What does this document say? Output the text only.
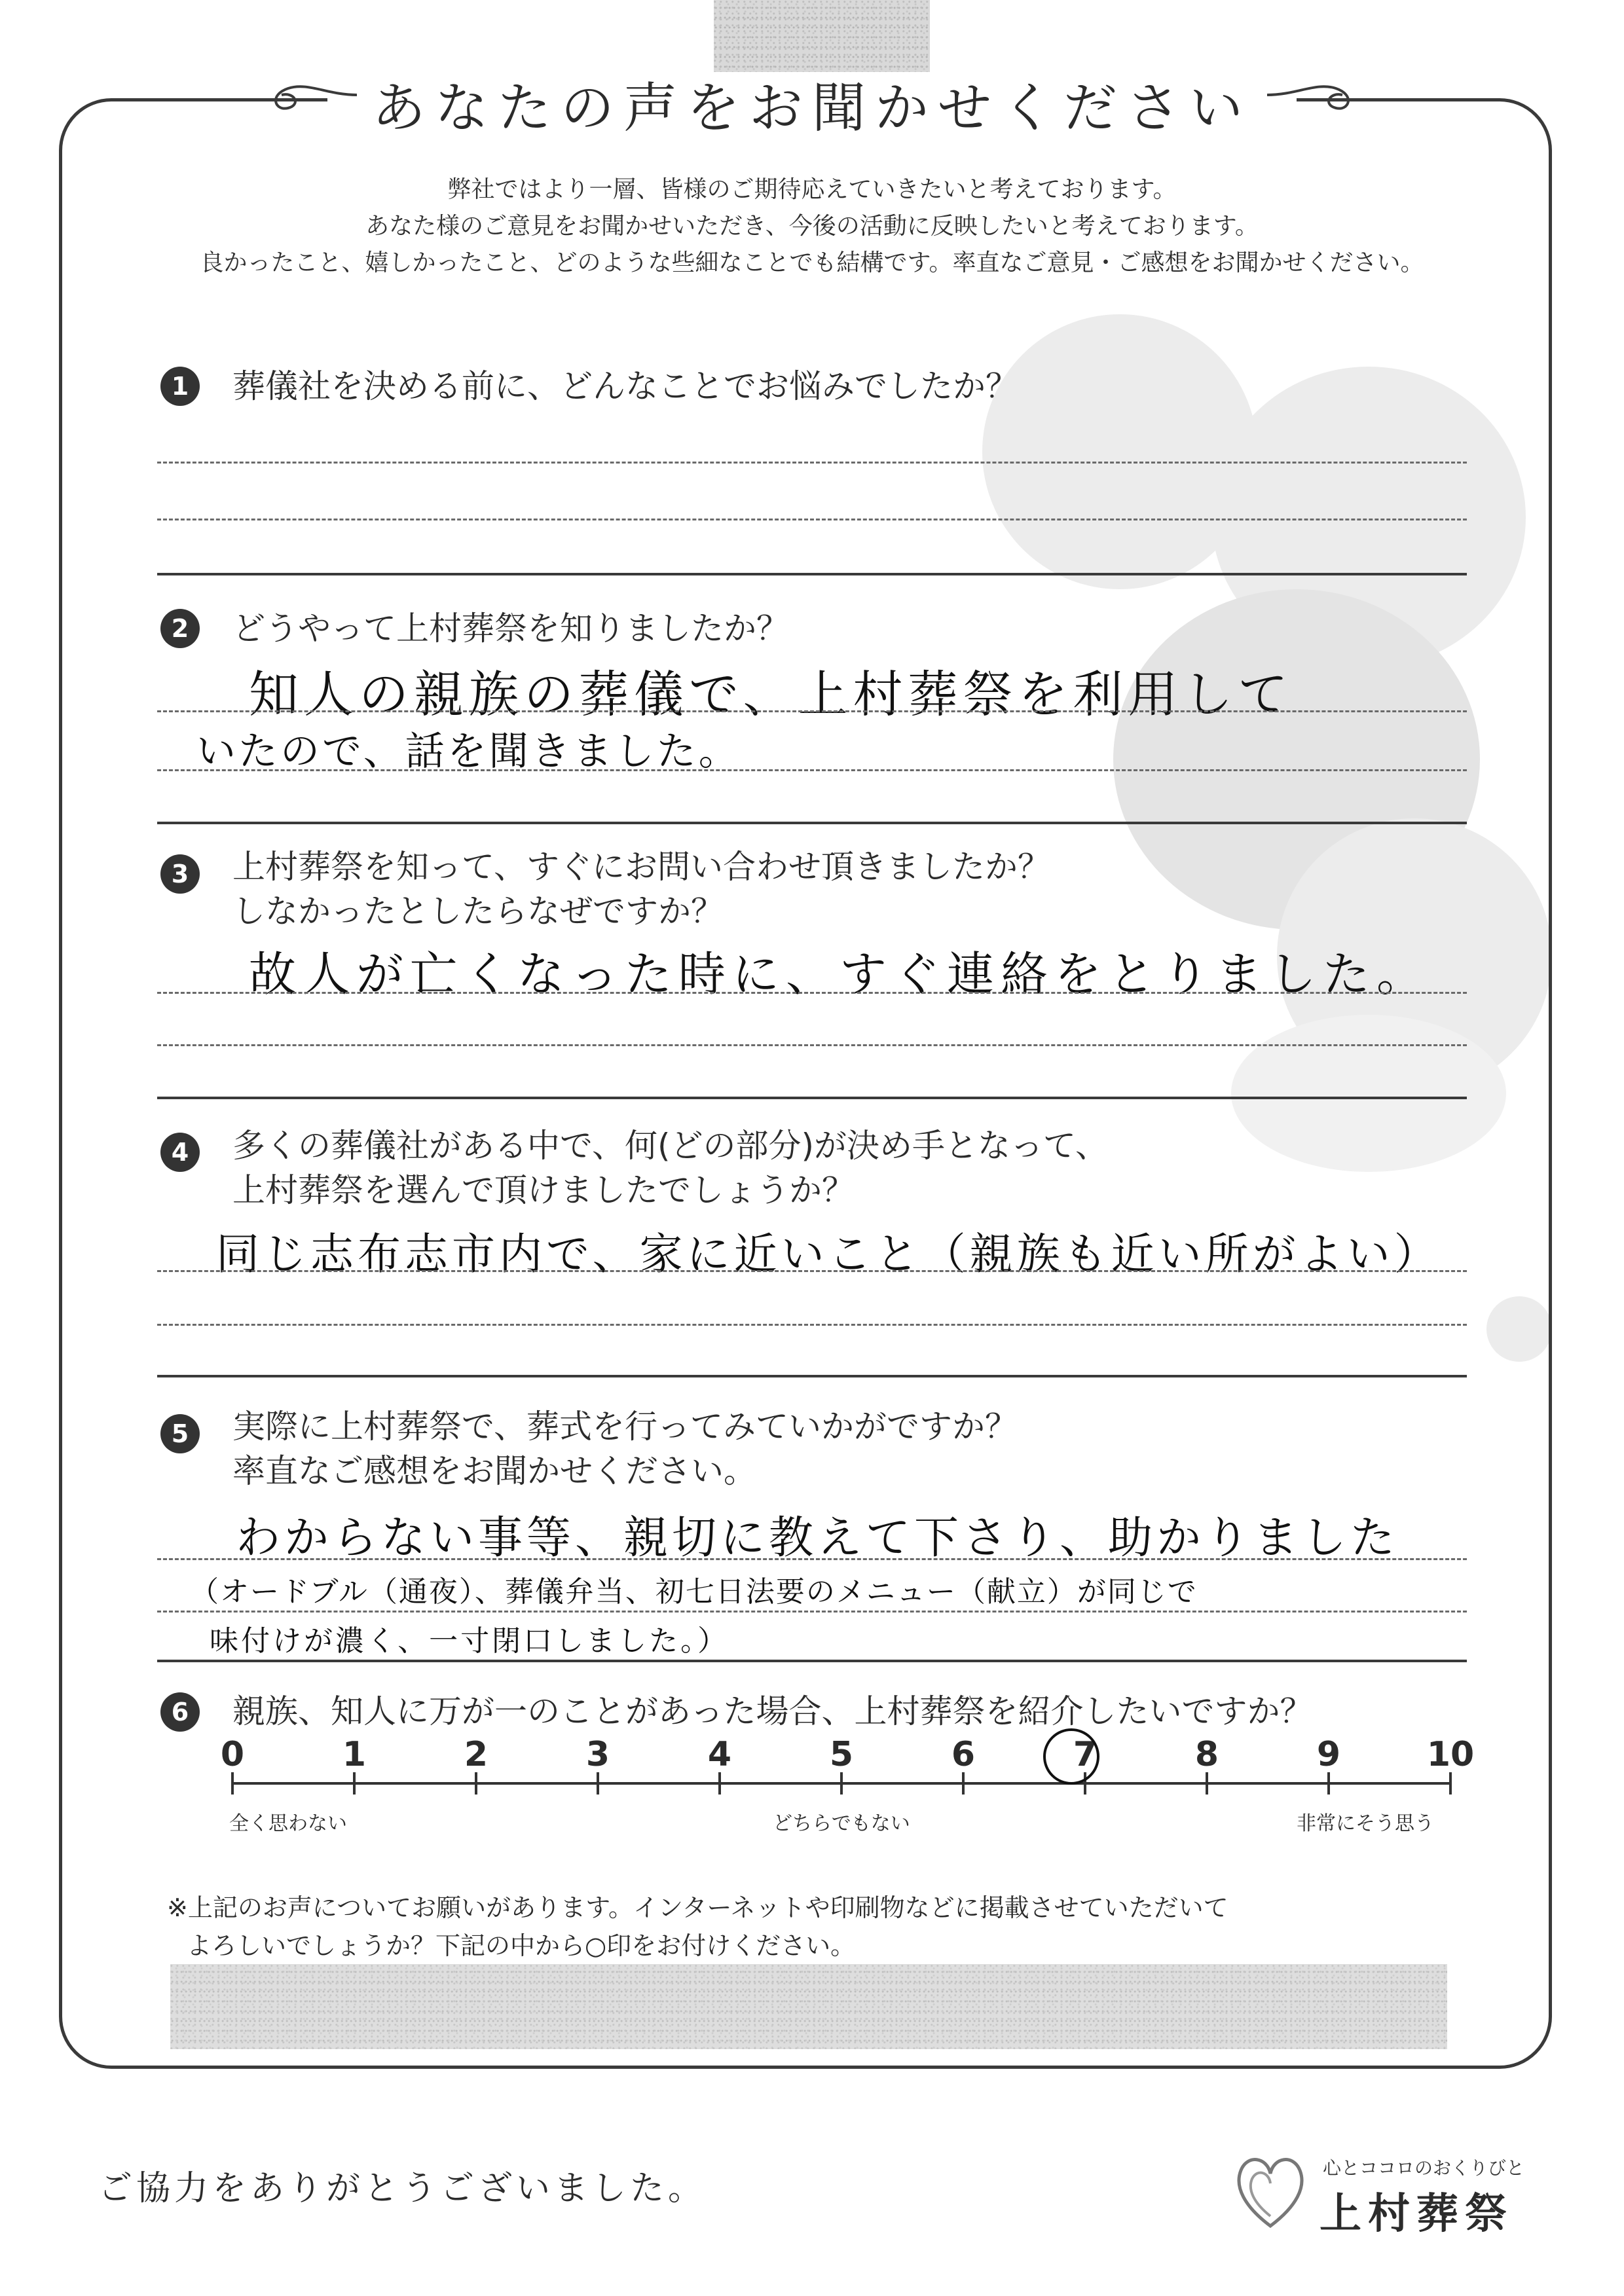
あなたの声をお聞かせください
弊社ではより一層、皆様のご期待応えていきたいと考えております。
あなた様のご意見をお聞かせいただき、今後の活動に反映したいと考えております。
良かったこと、嬉しかったこと、どのような些細なことでも結構です。率直なご意見・ご感想をお聞かせください。
1	葬儀社を決める前に、どんなことでお悩みでしたか？
2	どうやって上村葬祭を知りましたか？
知人の親族の葬儀で、上村葬祭を利用して
いたので、話を聞きました。
3	上村葬祭を知って、すぐにお問い合わせ頂きましたか？
しなかったとしたらなぜですか？
故人が亡くなった時に、すぐ連絡をとりました。
4	多くの葬儀社がある中で、何(どの部分)が決め手となって、
上村葬祭を選んで頂けましたでしょうか？
同じ志布志市内で、家に近いこと（親族も近い所がよい）
5	実際に上村葬祭で、葬式を行ってみていかがですか？
率直なご感想をお聞かせください。
わからない事等、親切に教えて下さり、助かりました
（オードブル（通夜）、葬儀弁当、初七日法要のメニュー（献立）が同じで
味付けが濃く、一寸閉口しました。）
6	親族、知人に万が一のことがあった場合、上村葬祭を紹介したいですか？
0	1	2	3	4	5	6	7	8	9	10
全く思わない	どちらでもない	非常にそう思う
※上記のお声についてお願いがあります。インターネットや印刷物などに掲載させていただいて
よろしいでしょうか？下記の中から○印をお付けください。
ご協力をありがとうございました。
心とココロのおくりびと
上村葬祭
